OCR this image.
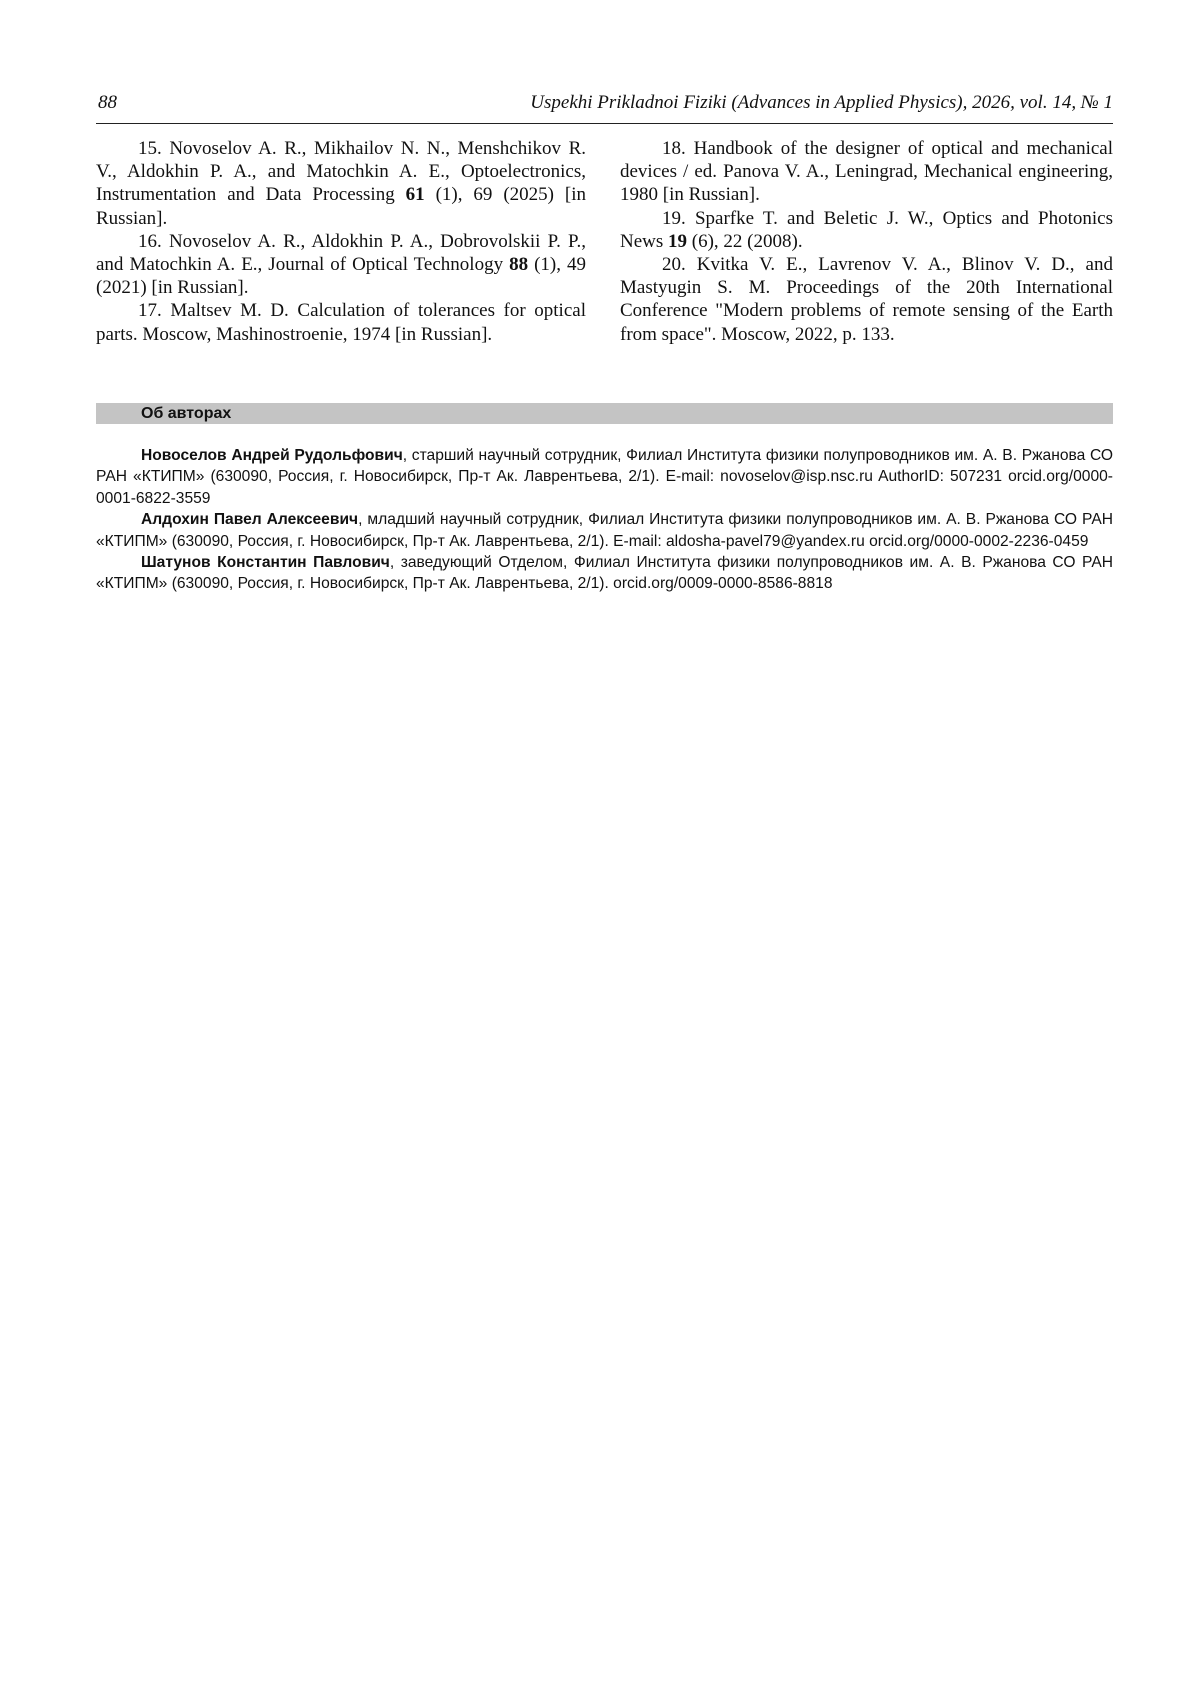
88	Uspekhi Prikladnoi Fiziki (Advances in Applied Physics), 2026, vol. 14, № 1

15. Novoselov A. R., Mikhailov N. N., Menshchikov R. V., Aldokhin P. A., and Matochkin A. E., Optoelectronics, Instrumentation and Data Processing 61 (1), 69 (2025) [in Russian].

16. Novoselov A. R., Aldokhin P. A., Dobrovolskii P. P., and Matochkin A. E., Journal of Optical Technology 88 (1), 49 (2021) [in Russian].

17. Maltsev M. D. Calculation of tolerances for optical parts. Moscow, Mashinostroenie, 1974 [in Russian].

18. Handbook of the designer of optical and mechanical devices / ed. Panova V. A., Leningrad, Mechanical engineering, 1980 [in Russian].

19. Sparfke T. and Beletic J. W., Optics and Photonics News 19 (6), 22 (2008).

20. Kvitka V. E., Lavrenov V. A., Blinov V. D., and Mastyugin S. M. Proceedings of the 20th International Conference "Modern problems of remote sensing of the Earth from space". Moscow, 2022, p. 133.

Об авторах

Новоселов Андрей Рудольфович, старший научный сотрудник, Филиал Института физики полупроводников им. А. В. Ржанова СО РАН «КТИПМ» (630090, Россия, г. Новосибирск, Пр-т Ак. Лаврентьева, 2/1). E-mail: novoselov@isp.nsc.ru AuthorID: 507231 orcid.org/0000-0001-6822-3559

Алдохин Павел Алексеевич, младший научный сотрудник, Филиал Института физики полупроводников им. А. В. Ржанова СО РАН «КТИПМ» (630090, Россия, г. Новосибирск, Пр-т Ак. Лаврентьева, 2/1). E-mail: aldosha-pavel79@yandex.ru orcid.org/0000-0002-2236-0459

Шатунов Константин Павлович, заведующий Отделом, Филиал Института физики полупроводников им. А. В. Ржанова СО РАН «КТИПМ» (630090, Россия, г. Новосибирск, Пр-т Ак. Лаврентьева, 2/1). orcid.org/0009-0000-8586-8818
